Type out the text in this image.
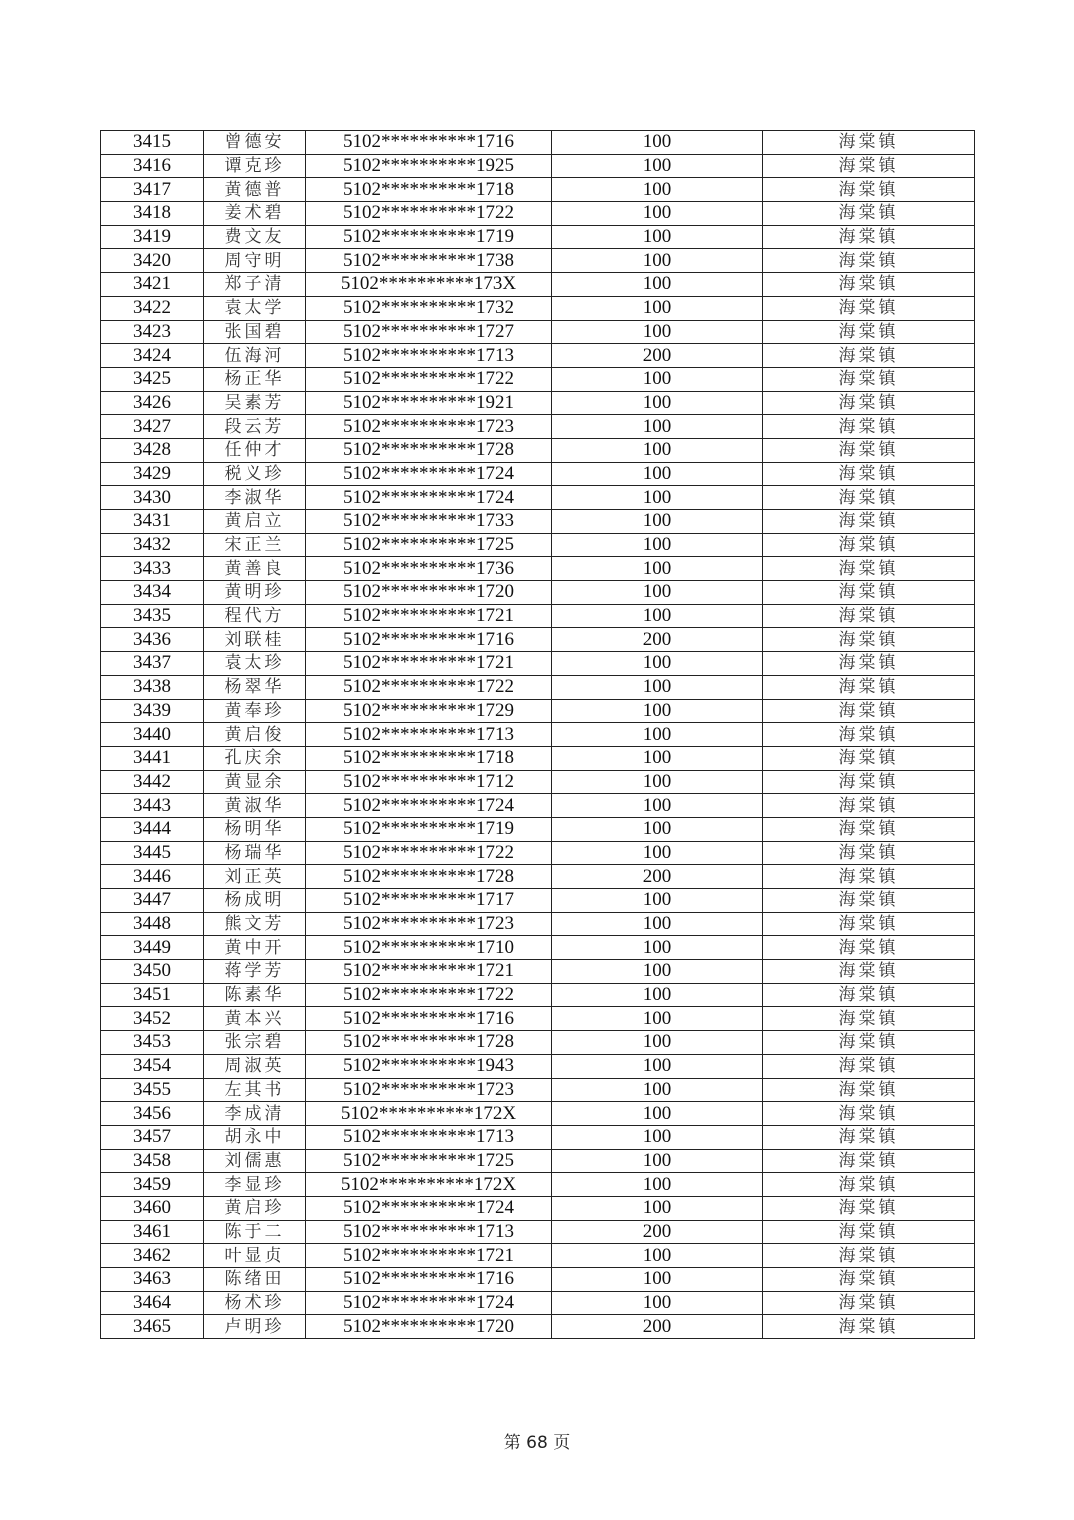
3415	曾德安	5102**********1716	100	海棠镇
3416	谭克珍	5102**********1925	100	海棠镇
3417	黄德普	5102**********1718	100	海棠镇
3418	姜术碧	5102**********1722	100	海棠镇
3419	费文友	5102**********1719	100	海棠镇
3420	周守明	5102**********1738	100	海棠镇
3421	郑子清	5102**********173X	100	海棠镇
3422	袁太学	5102**********1732	100	海棠镇
3423	张国碧	5102**********1727	100	海棠镇
3424	伍海河	5102**********1713	200	海棠镇
3425	杨正华	5102**********1722	100	海棠镇
3426	吴素芳	5102**********1921	100	海棠镇
3427	段云芳	5102**********1723	100	海棠镇
3428	任仲才	5102**********1728	100	海棠镇
3429	税义珍	5102**********1724	100	海棠镇
3430	李淑华	5102**********1724	100	海棠镇
3431	黄启立	5102**********1733	100	海棠镇
3432	宋正兰	5102**********1725	100	海棠镇
3433	黄善良	5102**********1736	100	海棠镇
3434	黄明珍	5102**********1720	100	海棠镇
3435	程代方	5102**********1721	100	海棠镇
3436	刘联桂	5102**********1716	200	海棠镇
3437	袁太珍	5102**********1721	100	海棠镇
3438	杨翠华	5102**********1722	100	海棠镇
3439	黄奉珍	5102**********1729	100	海棠镇
3440	黄启俊	5102**********1713	100	海棠镇
3441	孔庆余	5102**********1718	100	海棠镇
3442	黄显余	5102**********1712	100	海棠镇
3443	黄淑华	5102**********1724	100	海棠镇
3444	杨明华	5102**********1719	100	海棠镇
3445	杨瑞华	5102**********1722	100	海棠镇
3446	刘正英	5102**********1728	200	海棠镇
3447	杨成明	5102**********1717	100	海棠镇
3448	熊文芳	5102**********1723	100	海棠镇
3449	黄中开	5102**********1710	100	海棠镇
3450	蒋学芳	5102**********1721	100	海棠镇
3451	陈素华	5102**********1722	100	海棠镇
3452	黄本兴	5102**********1716	100	海棠镇
3453	张宗碧	5102**********1728	100	海棠镇
3454	周淑英	5102**********1943	100	海棠镇
3455	左其书	5102**********1723	100	海棠镇
3456	李成清	5102**********172X	100	海棠镇
3457	胡永中	5102**********1713	100	海棠镇
3458	刘儒惠	5102**********1725	100	海棠镇
3459	李显珍	5102**********172X	100	海棠镇
3460	黄启珍	5102**********1724	100	海棠镇
3461	陈于二	5102**********1713	200	海棠镇
3462	叶显贞	5102**********1721	100	海棠镇
3463	陈绪田	5102**********1716	100	海棠镇
3464	杨术珍	5102**********1724	100	海棠镇
3465	卢明珍	5102**********1720	200	海棠镇
第 68 页
